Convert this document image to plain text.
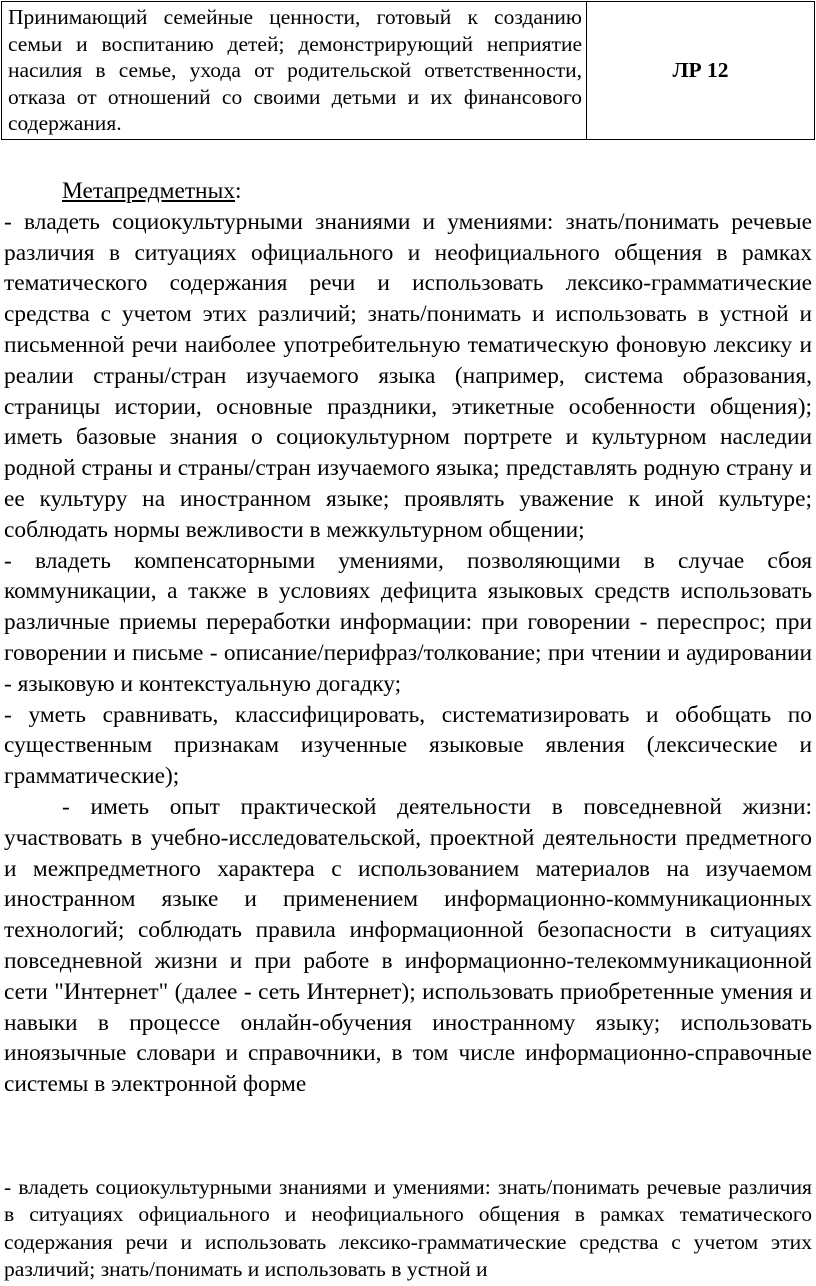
Принимающий семейные ценности, готовый к созданию семьи и воспитанию детей; демонстрирующий неприятие насилия в семье, ухода от родительской ответственности, отказа от отношений со своими детьми и их финансового содержания.	ЛР 12

Метапредметных:

- владеть социокультурными знаниями и умениями: знать/понимать речевые различия в ситуациях официального и неофициального общения в рамках тематического содержания речи и использовать лексико-грамматические средства с учетом этих различий; знать/понимать и использовать в устной и письменной речи наиболее употребительную тематическую фоновую лексику и реалии страны/стран изучаемого языка (например, система образования, страницы истории, основные праздники, этикетные особенности общения); иметь базовые знания о социокультурном портрете и культурном наследии родной страны и страны/стран изучаемого языка; представлять родную страну и ее культуру на иностранном языке; проявлять уважение к иной культуре; соблюдать нормы вежливости в межкультурном общении;

- владеть компенсаторными умениями, позволяющими в случае сбоя коммуникации, а также в условиях дефицита языковых средств использовать различные приемы переработки информации: при говорении - переспрос; при говорении и письме - описание/перифраз/толкование; при чтении и аудировании - языковую и контекстуальную догадку;

- уметь сравнивать, классифицировать, систематизировать и обобщать по существенным признакам изученные языковые явления (лексические и грамматические);

- иметь опыт практической деятельности в повседневной жизни: участвовать в учебно-исследовательской, проектной деятельности предметного и межпредметного характера с использованием материалов на изучаемом иностранном языке и применением информационно-коммуникационных технологий; соблюдать правила информационной безопасности в ситуациях повседневной жизни и при работе в информационно-телекоммуникационной сети "Интернет" (далее - сеть Интернет); использовать приобретенные умения и навыки в процессе онлайн-обучения иностранному языку; использовать иноязычные словари и справочники, в том числе информационно-справочные системы в электронной форме

- владеть социокультурными знаниями и умениями: знать/понимать речевые различия в ситуациях официального и неофициального общения в рамках тематического содержания речи и использовать лексико-грамматические средства с учетом этих различий; знать/понимать и использовать в устной и
